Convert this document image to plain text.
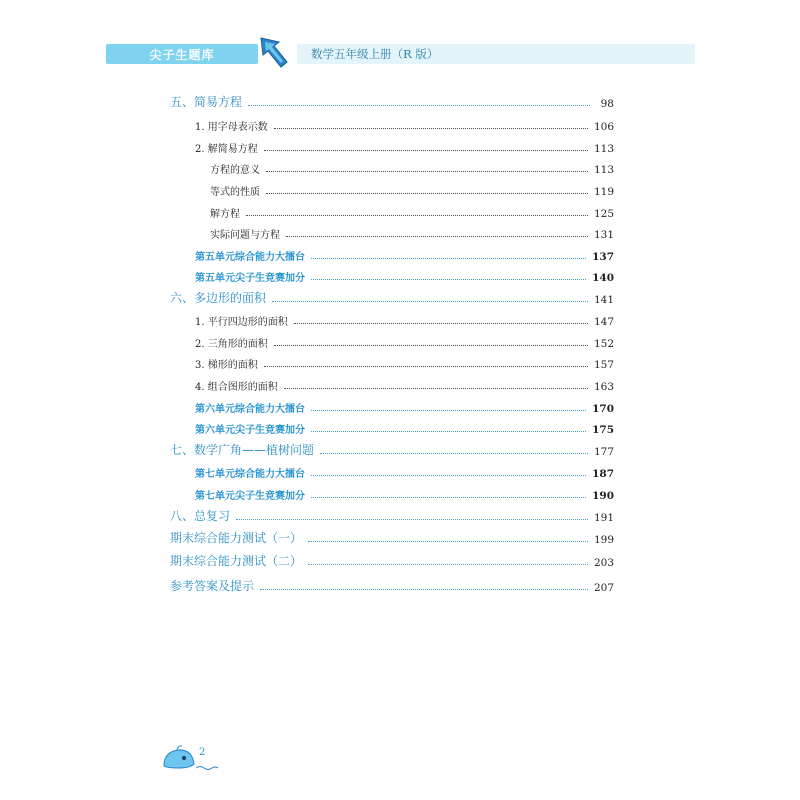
尖子生题库	数学五年级上册（R 版）
五、简易方程	98
1. 用字母表示数	106
2. 解简易方程	113
方程的意义	113
等式的性质	119
解方程	125
实际问题与方程	131
第五单元综合能力大擂台	137
第五单元尖子生竞赛加分	140
六、多边形的面积	141
1. 平行四边形的面积	147
2. 三角形的面积	152
3. 梯形的面积	157
4. 组合图形的面积	163
第六单元综合能力大擂台	170
第六单元尖子生竞赛加分	175
七、数学广角——植树问题	177
第七单元综合能力大擂台	187
第七单元尖子生竞赛加分	190
八、总复习	191
期末综合能力测试（一）	199
期末综合能力测试（二）	203
参考答案及提示	207
2
